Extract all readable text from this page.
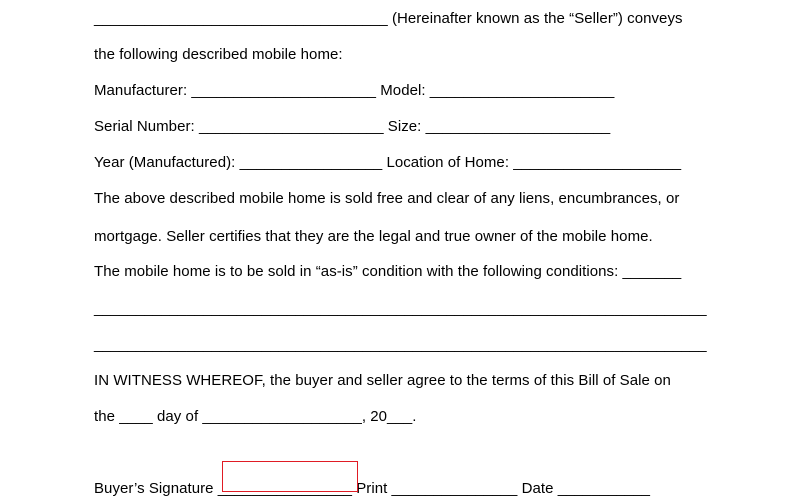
___________________________________ (Hereinafter known as the “Seller”) conveys
the following described mobile home:
Manufacturer: ______________________ Model: ______________________
Serial Number: ______________________ Size: ______________________
Year (Manufactured): _________________ Location of Home: ____________________
The above described mobile home is sold free and clear of any liens, encumbrances, or
mortgage. Seller certifies that they are the legal and true owner of the mobile home.
The mobile home is to be sold in “as-is” condition with the following conditions: _______
_________________________________________________________________________
_________________________________________________________________________
IN WITNESS WHEREOF, the buyer and seller agree to the terms of this Bill of Sale on
the ____ day of ___________________, 20___.
Buyer’s Signature ________________ Print _______________ Date ___________
